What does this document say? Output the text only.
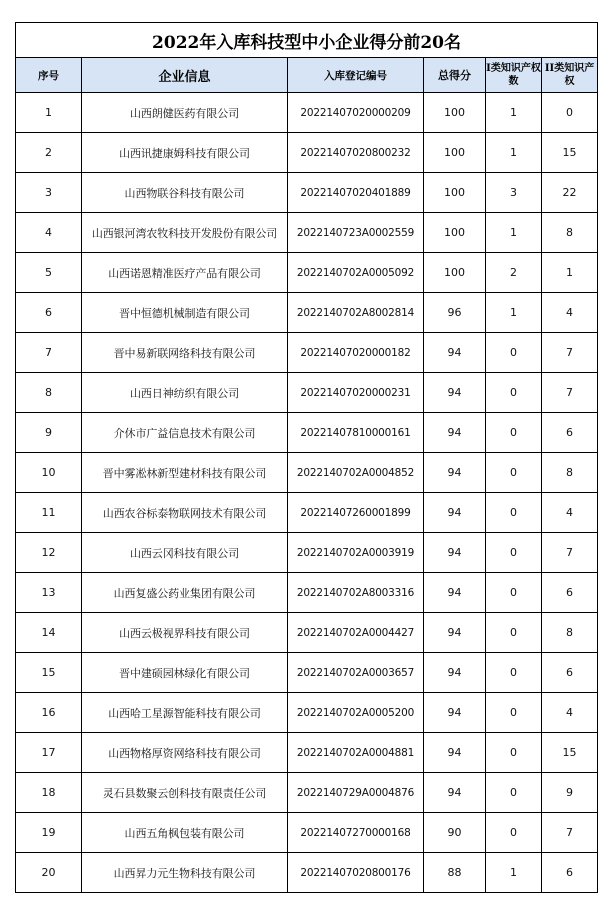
2022年入库科技型中小企业得分前20名					
序号	企业信息	入库登记编号	总得分	I类知识产权数	II类知识产权
1	山西朗健医药有限公司	20221407020000209	100	1	0
2	山西讯捷康姆科技有限公司	20221407020800232	100	1	15
3	山西物联谷科技有限公司	20221407020401889	100	3	22
4	山西银河湾农牧科技开发股份有限公司	2022140723A0002559	100	1	8
5	山西诺恩精准医疗产品有限公司	2022140702A0005092	100	2	1
6	晋中恒德机械制造有限公司	2022140702A8002814	96	1	4
7	晋中易新联网络科技有限公司	20221407020000182	94	0	7
8	山西日神纺织有限公司	20221407020000231	94	0	7
9	介休市广益信息技术有限公司	20221407810000161	94	0	6
10	晋中雾凇林新型建材科技有限公司	2022140702A0004852	94	0	8
11	山西农谷标泰物联网技术有限公司	20221407260001899	94	0	4
12	山西云冈科技有限公司	2022140702A0003919	94	0	7
13	山西复盛公药业集团有限公司	2022140702A8003316	94	0	6
14	山西云极视界科技有限公司	2022140702A0004427	94	0	8
15	晋中建硕园林绿化有限公司	2022140702A0003657	94	0	6
16	山西哈工星源智能科技有限公司	2022140702A0005200	94	0	4
17	山西物格厚资网络科技有限公司	2022140702A0004881	94	0	15
18	灵石县数聚云创科技有限责任公司	2022140729A0004876	94	0	9
19	山西五角枫包装有限公司	20221407270000168	90	0	7
20	山西昇力元生物科技有限公司	20221407020800176	88	1	6
